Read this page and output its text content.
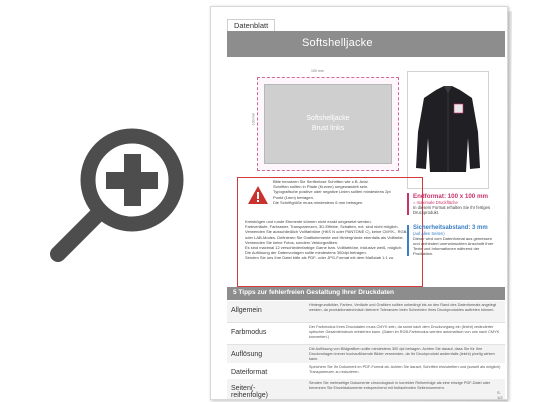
Datenblatt
Softshelljacke
100 mm
100 mm	Softshelljacke
Brust links
Bitte benutzen Sie Serifenlose Schriften wie z.B. Arial.
Schriften sollten in Pfade (Kurven) umgewandelt sein.
Typografische positive oder negative Linien sollten mindestens 2pt Punkt (1mm) betragen.
Die Schriftgröße muss mindestens 6 mm betragen.
Kreisbögen und runde Elemente können nicht exakt umgesetzt werden.
Farbverläufe, Farbraster, Transparenzen, 3D-Effekte, Schatten, ect. sind nicht möglich.
Verwenden Sie ausschließlich Vollfarbtöne (HKS N oder PANTONE C), keine CMYK-, RGB-, oder LAB-Modes. Definieren Sie Grafikelemente und Hintergründe ebenfalls als Vollfarbe.
Verwenden Sie keine Fotos, sondern Vektorgrafiken.
Es sind maximal 12 verschiedenfarbige Garne bzw. Vollfarbtöne, inklusive weiß, möglich.
Die Auflösung der Datenvorlagen sollte mindestens 300dpi betragen.
Senden Sie uns Ihre Datei bitte als PDF- oder JPG-Format mit dem Maßstab 1:1 zu.
Endformat: 100 x 100 mm
= maximale Druckfläche
In diesem Format erhalten Sie Ihr fertiges
Druckprodukt.
Sicherheitsabstand: 3 mm
(auf allen Seiten)
Dieser wird vom Datenformat aus gemessen und verhindert unerwünschten Anschnitt Ihrer Texte und Informationen während der Produktion.
5 Tipps zur fehlerfreien Gestaltung Ihrer Druckdaten
Allgemein
Hintergrundbilder, Farben, Verläufe und Grafiken sollten unbedingt bis an den Rand des Datenformats angelegt werden, da produktionstechnisch kleinere Toleranzen beim Schneiden Ihres Druckproduktes auftreten können.
Farbmodus
Der Farbmodus Ihres Druckdaten muss CMYK sein, da sonst nach dem Druckvorgang ein (leicht) veränderter optischer Gesamteindruck entstehen kann. (Daten im RGB-Farbmodus werden automatisch von uns nach CMYK konvertiert.)
Auflösung
Die Auflösung von Bildgrafiken sollte mindestens 300 dpi betragen. Achten Sie darauf, dass Sie für Ihre Druckvorlagen immer hochauflösende Bilder verwenden, da Ihr Druckprodukt andernfalls (leicht) pixelig wirken kann.
Dateiformat
Speichern Sie Ihr Dokument im PDF-Format ab. Achten Sie darauf, Schriften einzubetten und (soweit als möglich) Transparenzen zu reduzieren.
Seiten(-reihenfolge)
Senden Sie mehrseitige Dokumente chronologisch in korrekter Reihenfolge als eine einzige PDF-Datei oder benennen Sie Einzeldokumente entsprechend mit fortlaufenden Seitennummern.
S. 1/2
